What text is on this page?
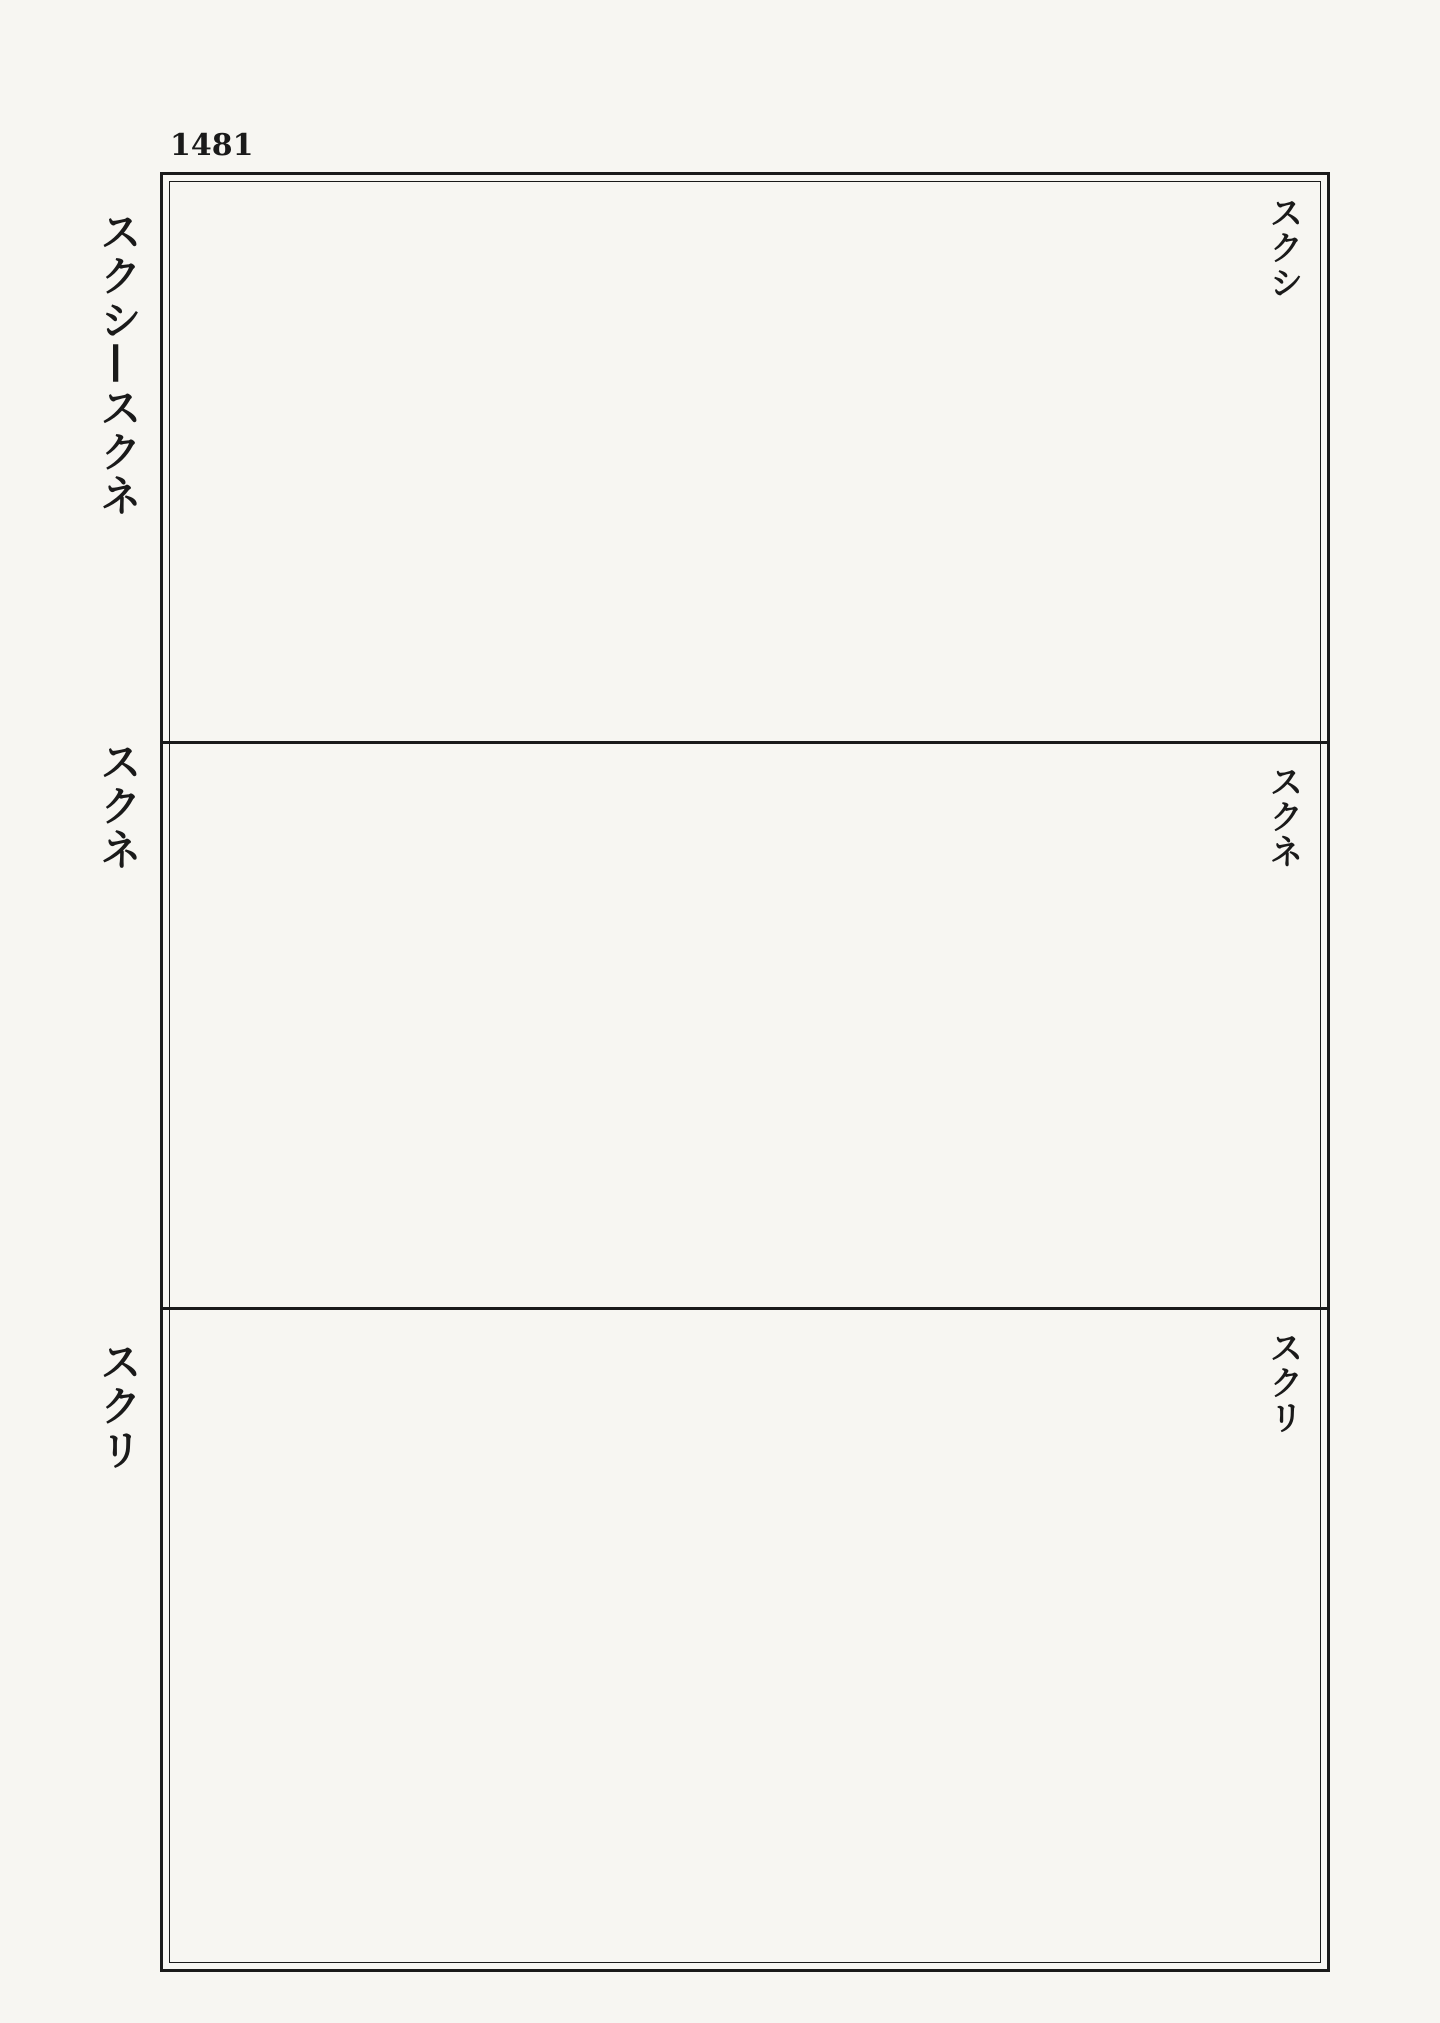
1481
スクシ—スクネ
スクネ
スクリ
スクシ
スクネ
スクリ
